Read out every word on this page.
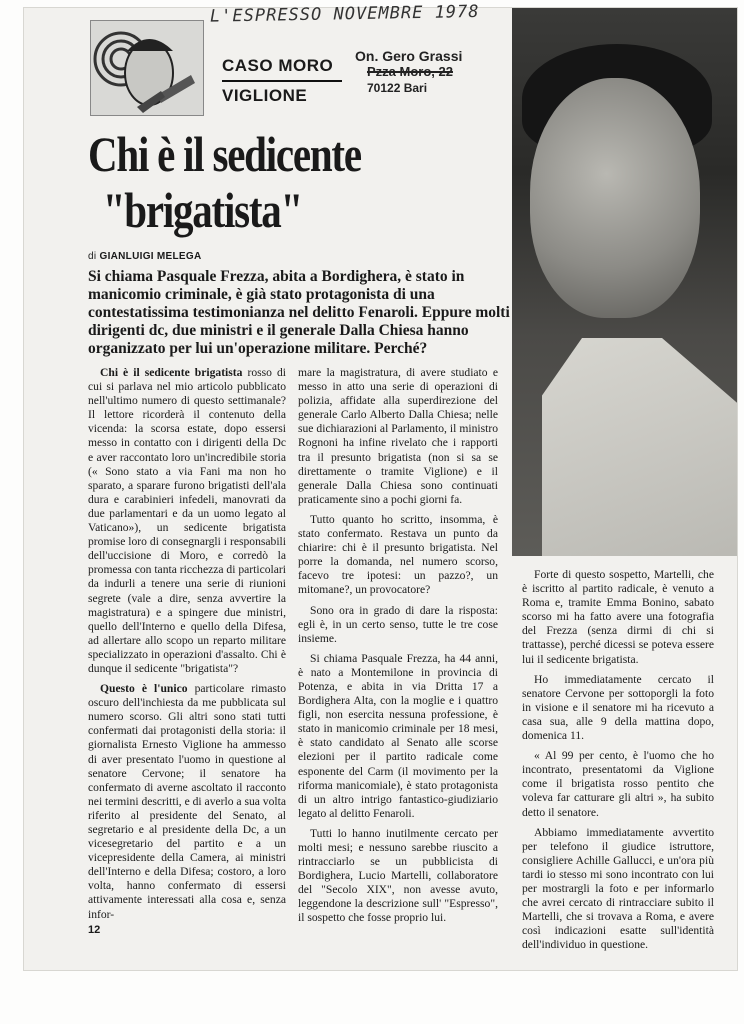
L'ESPRESSO NOVEMBRE 1978
CASO MORO
VIGLIONE
On. Gero Grassi
Pzza Moro, 22
70122 Bari
Chi è il sedicente
"brigatista"
di GIANLUIGI MELEGA
Si chiama Pasquale Frezza, abita a Bordighera, è stato in manicomio criminale, è già stato protagonista di una contestatissima testimonianza nel delitto Fenaroli. Eppure molti dirigenti dc, due ministri e il generale Dalla Chiesa hanno organizzato per lui un'operazione militare. Perché?

Chi è il sedicente brigatista rosso di cui si parlava nel mio articolo pubblicato nell'ultimo numero di questo settimanale? Il lettore ricorderà il contenuto della vicenda: la scorsa estate, dopo essersi messo in contatto con i dirigenti della Dc e aver raccontato loro un'incredibile storia (« Sono stato a via Fani ma non ho sparato, a sparare furono brigatisti dell'ala dura e carabinieri infedeli, manovrati da due parlamentari e da un uomo legato al Vaticano»), un sedicente brigatista promise loro di consegnargli i responsabili dell'uccisione di Moro, e corredò la promessa con tanta ricchezza di particolari da indurli a tenere una serie di riunioni segrete (vale a dire, senza avvertire la magistratura) e a spingere due ministri, quello dell'Interno e quello della Difesa, ad allertare allo scopo un reparto militare specializzato in operazioni d'assalto. Chi è dunque il sedicente "brigatista"?

Questo è l'unico particolare rimasto oscuro dell'inchiesta da me pubblicata sul numero scorso. Gli altri sono stati tutti confermati dai protagonisti della storia: il giornalista Ernesto Viglione ha ammesso di aver presentato l'uomo in questione al senatore Cervone; il senatore ha confermato di averne ascoltato il racconto nei termini descritti, e di averlo a sua volta riferito al presidente del Senato, al segretario e al presidente della Dc, a un vicesegretario del partito e a un vicepresidente della Camera, ai ministri dell'Interno e della Difesa; costoro, a loro volta, hanno confermato di essersi attivamente interessati alla cosa e, senza infor-

mare la magistratura, di avere studiato e messo in atto una serie di operazioni di polizia, affidate alla superdirezione del generale Carlo Alberto Dalla Chiesa; nelle sue dichiarazioni al Parlamento, il ministro Rognoni ha infine rivelato che i rapporti tra il presunto brigatista (non si sa se direttamente o tramite Viglione) e il generale Dalla Chiesa sono continuati praticamente sino a pochi giorni fa.

Tutto quanto ho scritto, insomma, è stato confermato. Restava un punto da chiarire: chi è il presunto brigatista. Nel porre la domanda, nel numero scorso, facevo tre ipotesi: un pazzo?, un mitomane?, un provocatore?

Sono ora in grado di dare la risposta: egli è, in un certo senso, tutte le tre cose insieme.

Si chiama Pasquale Frezza, ha 44 anni, è nato a Montemilone in provincia di Potenza, e abita in via Dritta 17 a Bordighera Alta, con la moglie e i quattro figli, non esercita nessuna professione, è stato in manicomio criminale per 18 mesi, è stato candidato al Senato alle scorse elezioni per il partito radicale come esponente del Carm (il movimento per la riforma manicomiale), è stato protagonista di un altro intrigo fantastico-giudiziario legato al delitto Fenaroli.

Tutti lo hanno inutilmente cercato per molti mesi; e nessuno sarebbe riuscito a rintracciarlo se un pubblicista di Bordighera, Lucio Martelli, collaboratore del "Secolo XIX", non avesse avuto, leggendone la descrizione sull' "Espresso", il sospetto che fosse proprio lui.

Forte di questo sospetto, Martelli, che è iscritto al partito radicale, è venuto a Roma e, tramite Emma Bonino, sabato scorso mi ha fatto avere una fotografia del Frezza (senza dirmi di chi si trattasse), perché dicessi se poteva essere lui il sedicente brigatista.

Ho immediatamente cercato il senatore Cervone per sottoporgli la foto in visione e il senatore mi ha ricevuto a casa sua, alle 9 della mattina dopo, domenica 11.

« Al 99 per cento, è l'uomo che ho incontrato, presentatomi da Viglione come il brigatista rosso pentito che voleva far catturare gli altri », ha subito detto il senatore.

Abbiamo immediatamente avvertito per telefono il giudice istruttore, consigliere Achille Gallucci, e un'ora più tardi io stesso mi sono incontrato con lui per mostrargli la foto e per informarlo che avrei cercato di rintracciare subito il Martelli, che si trovava a Roma, e avere così indicazioni esatte sull'identità dell'individuo in questione.

12
